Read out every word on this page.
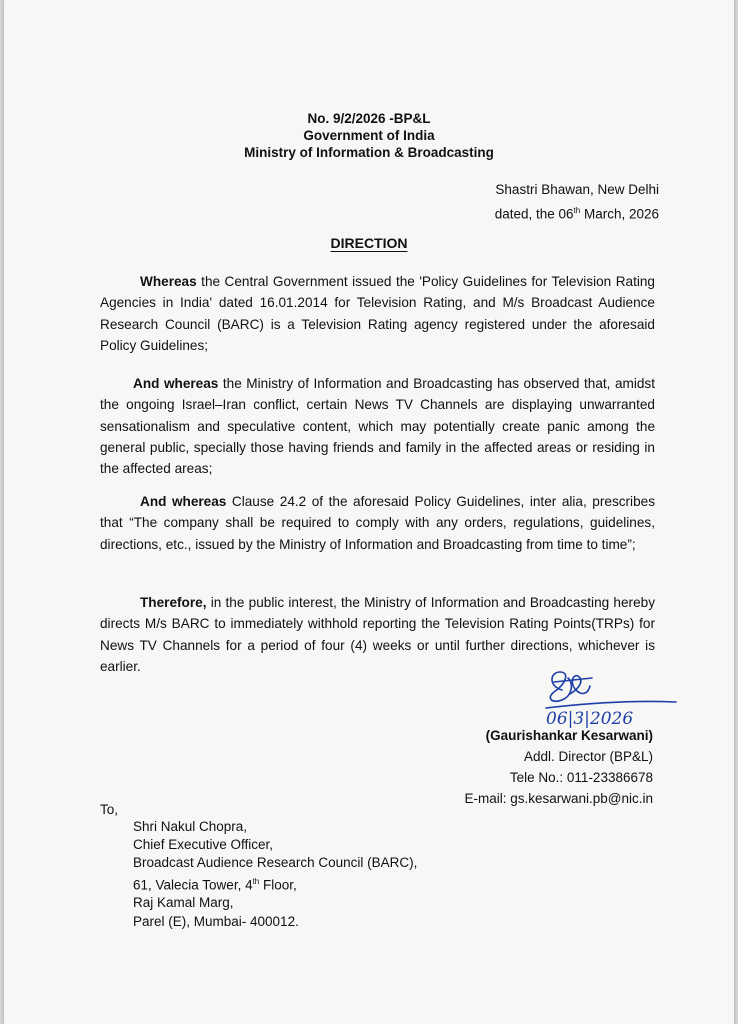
No. 9/2/2026 -BP&L
Government of India
Ministry of Information & Broadcasting
Shastri Bhawan, New Delhi
dated, the 06th March, 2026
DIRECTION
Whereas the Central Government issued the 'Policy Guidelines for Television Rating Agencies in India' dated 16.01.2014 for Television Rating, and M/s Broadcast Audience Research Council (BARC) is a Television Rating agency registered under the aforesaid Policy Guidelines;
And whereas the Ministry of Information and Broadcasting has observed that, amidst the ongoing Israel–Iran conflict, certain News TV Channels are displaying unwarranted sensationalism and speculative content, which may potentially create panic among the general public, specially those having friends and family in the affected areas or residing in the affected areas;
And whereas Clause 24.2 of the aforesaid Policy Guidelines, inter alia, prescribes that “The company shall be required to comply with any orders, regulations, guidelines, directions, etc., issued by the Ministry of Information and Broadcasting from time to time”;
Therefore, in the public interest, the Ministry of Information and Broadcasting hereby directs M/s BARC to immediately withhold reporting the Television Rating Points(TRPs) for News TV Channels for a period of four (4) weeks or until further directions, whichever is earlier.
06|3|2026
(Gaurishankar Kesarwani)
Addl. Director (BP&L)
Tele No.: 011-23386678
E-mail: gs.kesarwani.pb@nic.in
To,
Shri Nakul Chopra,
Chief Executive Officer,
Broadcast Audience Research Council (BARC),
61, Valecia Tower, 4th Floor,
Raj Kamal Marg,
Parel (E), Mumbai- 400012.
